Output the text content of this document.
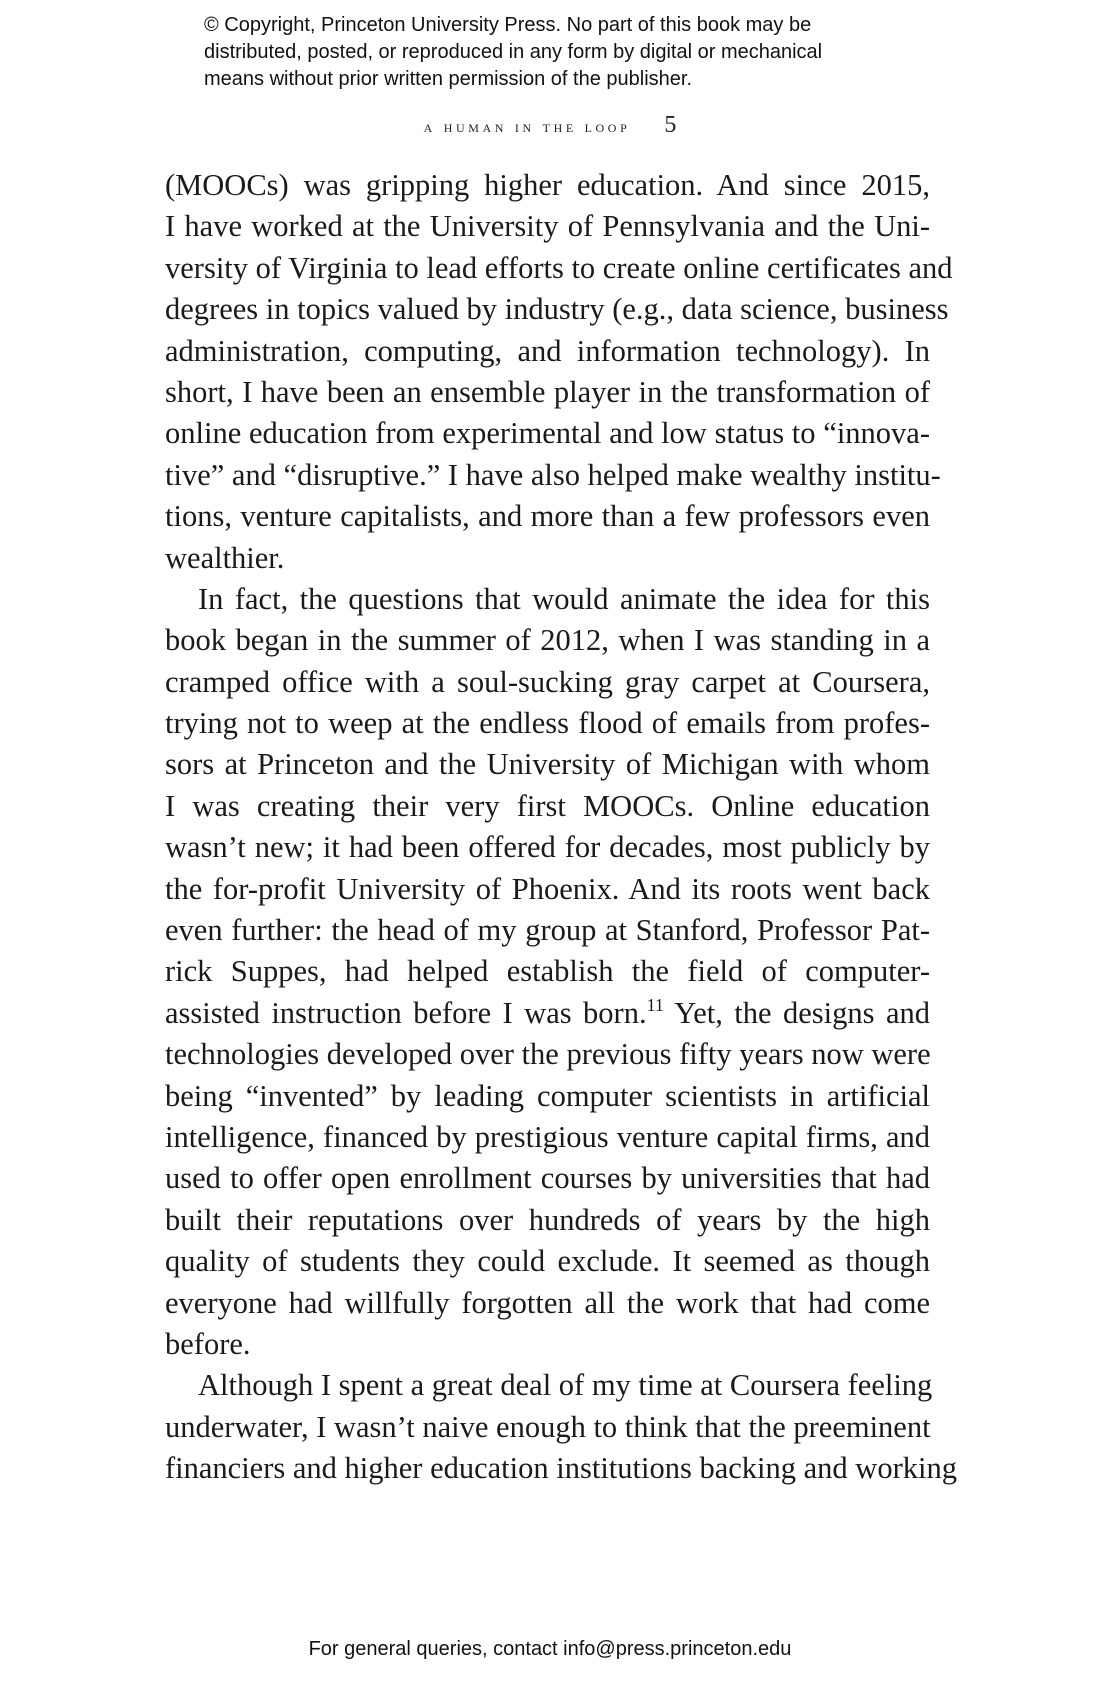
© Copyright, Princeton University Press. No part of this book may be
distributed, posted, or reproduced in any form by digital or mechanical
means without prior written permission of the publisher.
a human in the loop 5
(MOOCs) was gripping higher education. And since 2015,
I have worked at the University of Pennsylvania and the Uni-
versity of Virginia to lead efforts to create online certificates and
degrees in topics valued by industry (e.g., data science, business
administration, computing, and information technology). In
short, I have been an ensemble player in the transformation of
online education from experimental and low status to “innova-
tive” and “disruptive.” I have also helped make wealthy institu-
tions, venture capitalists, and more than a few professors even
wealthier.
In fact, the questions that would animate the idea for this
book began in the summer of 2012, when I was standing in a
cramped office with a soul-sucking gray carpet at Coursera,
trying not to weep at the endless flood of emails from profes-
sors at Princeton and the University of Michigan with whom
I was creating their very first MOOCs. Online education
wasn’t new; it had been offered for decades, most publicly by
the for-profit University of Phoenix. And its roots went back
even further: the head of my group at Stanford, Professor Pat-
rick Suppes, had helped establish the field of computer-
assisted instruction before I was born.$^{11}$ Yet, the designs and
technologies developed over the previous fifty years now were
being “invented” by leading computer scientists in artificial
intelligence, financed by prestigious venture capital firms, and
used to offer open enrollment courses by universities that had
built their reputations over hundreds of years by the high
quality of students they could exclude. It seemed as though
everyone had willfully forgotten all the work that had come
before.
Although I spent a great deal of my time at Coursera feeling
underwater, I wasn’t naive enough to think that the preeminent
financiers and higher education institutions backing and working
For general queries, contact info@press.princeton.edu
